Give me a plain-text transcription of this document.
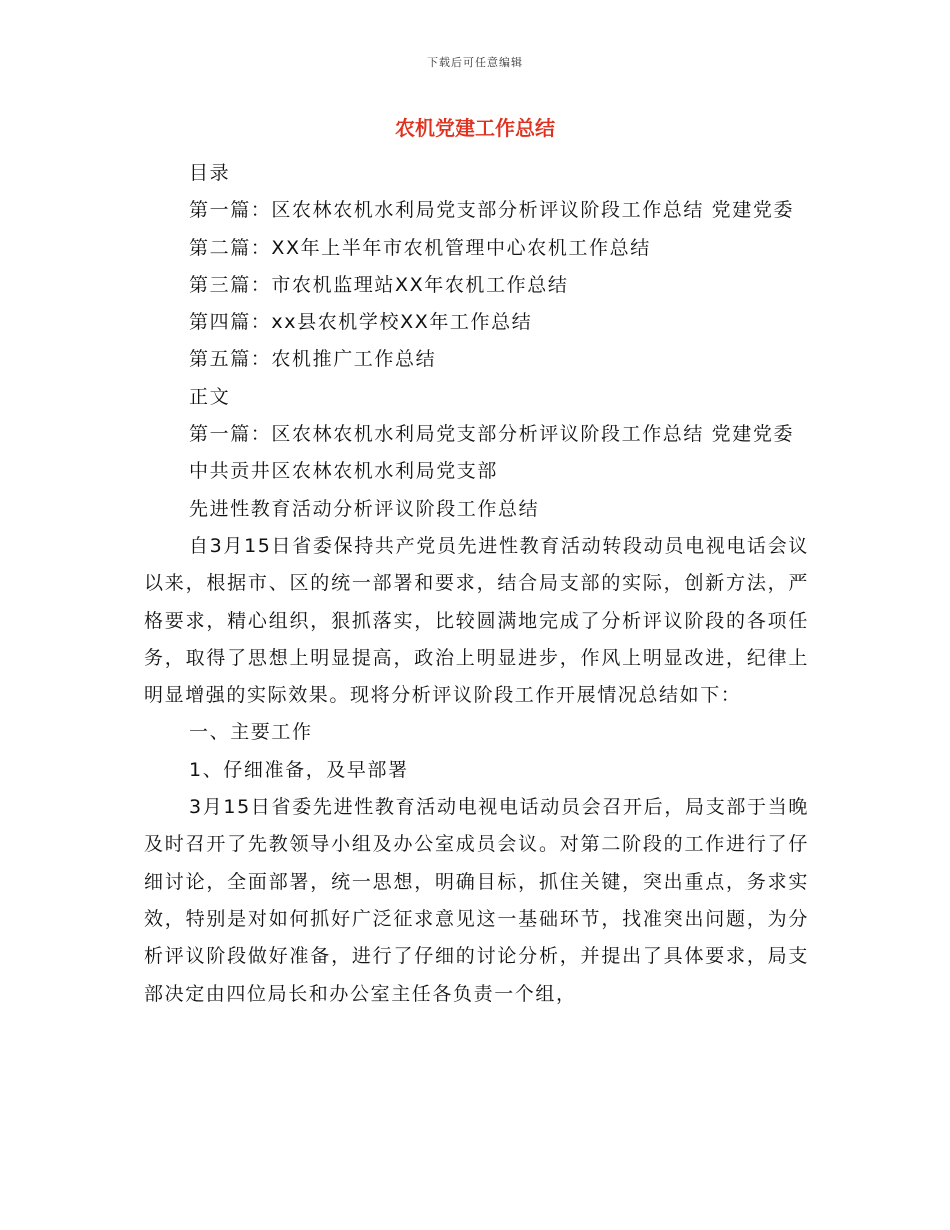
下载后可任意编辑
农机党建工作总结

目录

第一篇：区农林农机水利局党支部分析评议阶段工作总结 党建党委

第二篇：XX年上半年市农机管理中心农机工作总结

第三篇：市农机监理站XX年农机工作总结

第四篇：xx县农机学校XX年工作总结

第五篇：农机推广工作总结

正文

第一篇：区农林农机水利局党支部分析评议阶段工作总结 党建党委

中共贡井区农林农机水利局党支部

先进性教育活动分析评议阶段工作总结

自3月15日省委保持共产党员先进性教育活动转段动员电视电话会议以来，根据市、区的统一部署和要求，结合局支部的实际，创新方法，严格要求，精心组织，狠抓落实，比较圆满地完成了分析评议阶段的各项任务，取得了思想上明显提高，政治上明显进步，作风上明显改进，纪律上明显增强的实际效果。现将分析评议阶段工作开展情况总结如下：

一、主要工作

1、仔细准备，及早部署

3月15日省委先进性教育活动电视电话动员会召开后，局支部于当晚及时召开了先教领导小组及办公室成员会议。对第二阶段的工作进行了仔细讨论，全面部署，统一思想，明确目标，抓住关键，突出重点，务求实效，特别是对如何抓好广泛征求意见这一基础环节，找准突出问题，为分析评议阶段做好准备，进行了仔细的讨论分析，并提出了具体要求，局支部决定由四位局长和办公室主任各负责一个组，
